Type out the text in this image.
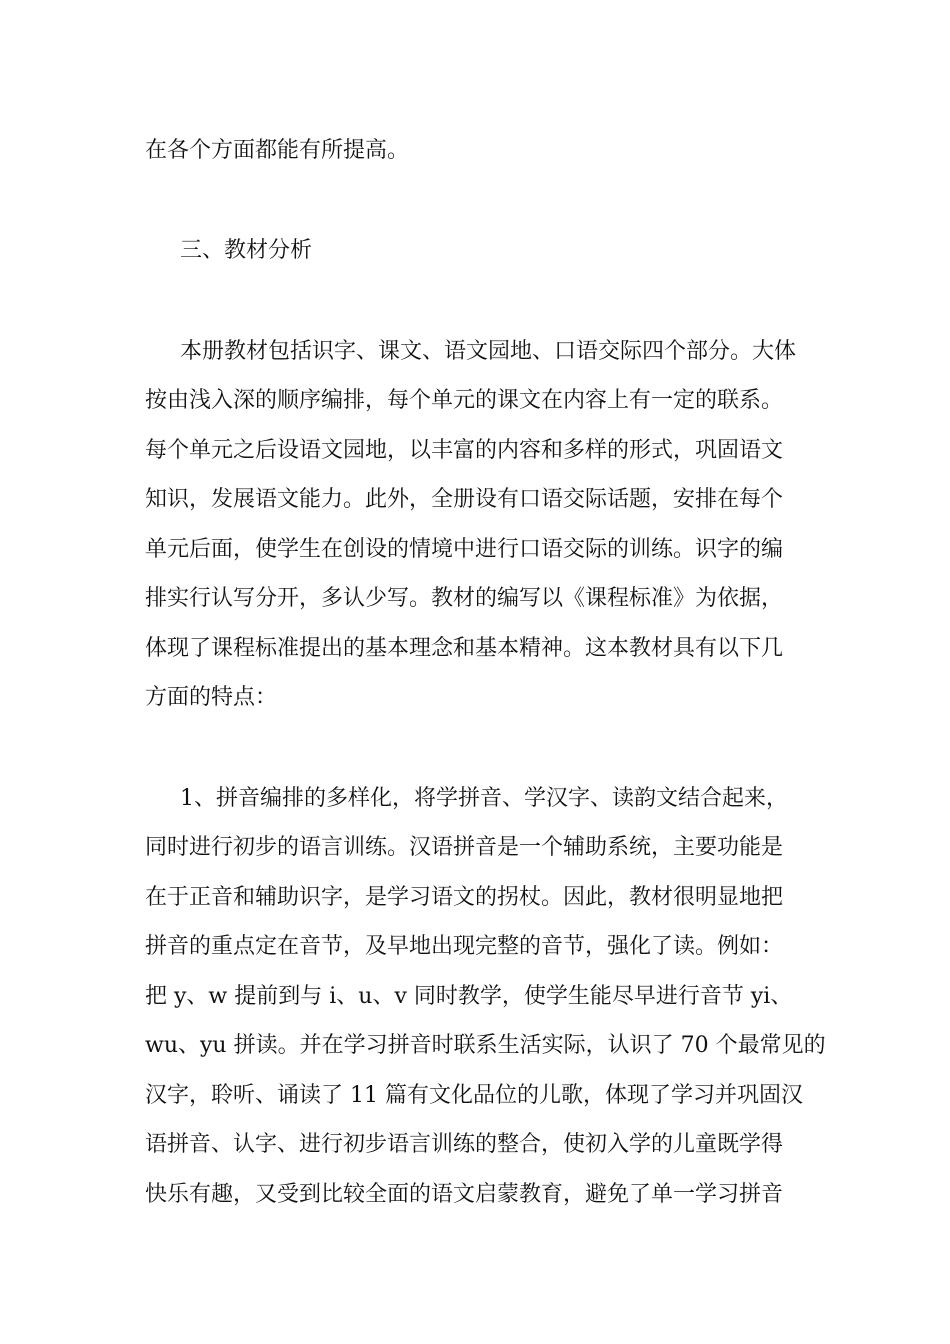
在各个方面都能有所提高。
三、教材分析
本册教材包括识字、课文、语文园地、口语交际四个部分。大体
按由浅入深的顺序编排，每个单元的课文在内容上有一定的联系。
每个单元之后设语文园地，以丰富的内容和多样的形式，巩固语文
知识，发展语文能力。此外，全册设有口语交际话题，安排在每个
单元后面，使学生在创设的情境中进行口语交际的训练。识字的编
排实行认写分开，多认少写。教材的编写以《课程标准》为依据，
体现了课程标准提出的基本理念和基本精神。这本教材具有以下几
方面的特点：
1、拼音编排的多样化，将学拼音、学汉字、读韵文结合起来，
同时进行初步的语言训练。汉语拼音是一个辅助系统，主要功能是
在于正音和辅助识字，是学习语文的拐杖。因此，教材很明显地把
拼音的重点定在音节，及早地出现完整的音节，强化了读。例如：
把 y、w 提前到与 i、u、v 同时教学，使学生能尽早进行音节 yi、
wu、yu 拼读。并在学习拼音时联系生活实际，认识了 70 个最常见的
汉字，聆听、诵读了 11 篇有文化品位的儿歌，体现了学习并巩固汉
语拼音、认字、进行初步语言训练的整合，使初入学的儿童既学得
快乐有趣，又受到比较全面的语文启蒙教育，避免了单一学习拼音
